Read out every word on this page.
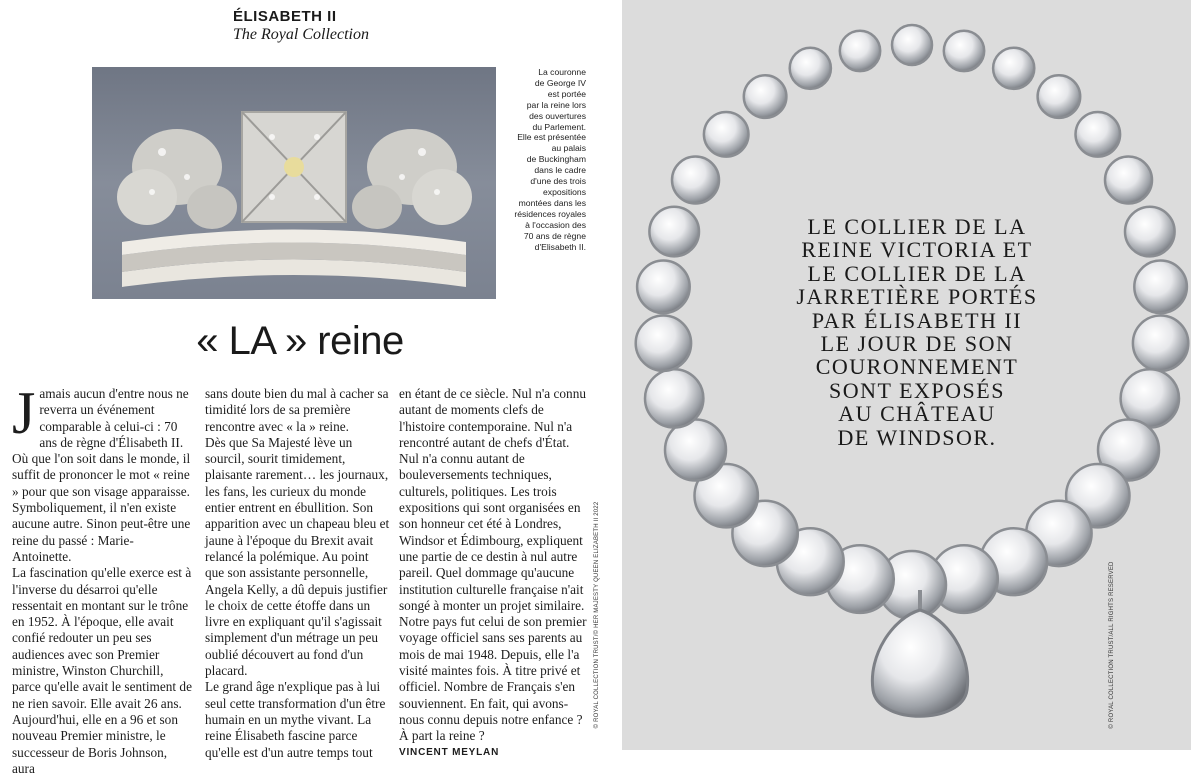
ÉLISABETH II

The Royal Collection

La couronne
de George IV
est portée
par la reine lors
des ouvertures
du Parlement.
Elle est présentée
au palais
de Buckingham
dans le cadre
d'une des trois
expositions
montées dans les
résidences royales
à l'occasion des
70 ans de règne
d'Elisabeth II.
« LA » reine

Jamais aucun d'entre nous ne reverra un événement comparable à celui-ci : 70 ans de règne d'Élisabeth II. Où que l'on soit dans le monde, il suffit de prononcer le mot « reine » pour que son visage apparaisse. Symboliquement, il n'en existe aucune autre. Sinon peut-être une reine du passé : Marie-Antoinette.

La fascination qu'elle exerce est à l'inverse du désarroi qu'elle ressentait en montant sur le trône en 1952. À l'époque, elle avait confié redouter un peu ses audiences avec son Premier ministre, Winston Churchill, parce qu'elle avait le sentiment de ne rien savoir. Elle avait 26 ans. Aujourd'hui, elle en a 96 et son nouveau Premier ministre, le successeur de Boris Johnson, aura

sans doute bien du mal à cacher sa timidité lors de sa première rencontre avec « la » reine.

Dès que Sa Majesté lève un sourcil, sourit timidement, plaisante rarement… les journaux, les fans, les curieux du monde entier entrent en ébullition. Son apparition avec un chapeau bleu et jaune à l'époque du Brexit avait relancé la polémique. Au point que son assistante personnelle, Angela Kelly, a dû depuis justifier le choix de cette étoffe dans un livre en expliquant qu'il s'agissait simplement d'un métrage un peu oublié découvert au fond d'un placard.

Le grand âge n'explique pas à lui seul cette transformation d'un être humain en un mythe vivant. La reine Élisabeth fascine parce qu'elle est d'un autre temps tout

en étant de ce siècle. Nul n'a connu autant de moments clefs de l'histoire contemporaine. Nul n'a rencontré autant de chefs d'État. Nul n'a connu autant de bouleversements techniques, culturels, politiques. Les trois expositions qui sont organisées en son honneur cet été à Londres, Windsor et Édimbourg, expliquent une partie de ce destin à nul autre pareil. Quel dommage qu'aucune institution culturelle française n'ait songé à monter un projet similaire. Notre pays fut celui de son premier voyage officiel sans ses parents au mois de mai 1948. Depuis, elle l'a visité maintes fois. À titre privé et officiel. Nombre de Français s'en souviennent. En fait, qui avons-nous connu depuis notre enfance ? À part la reine ?

VINCENT MEYLAN

© ROYAL COLLECTION TRUST/© HER MAJESTY QUEEN ELIZABETH II 2022

LE COLLIER DE LA
REINE VICTORIA ET
LE COLLIER DE LA
JARRETIÈRE PORTÉS
PAR ÉLISABETH II
LE JOUR DE SON
COURONNEMENT
SONT EXPOSÉS
AU CHÂTEAU
DE WINDSOR.

© ROYAL COLLECTION TRUST/ALL RIGHTS RESERVED
